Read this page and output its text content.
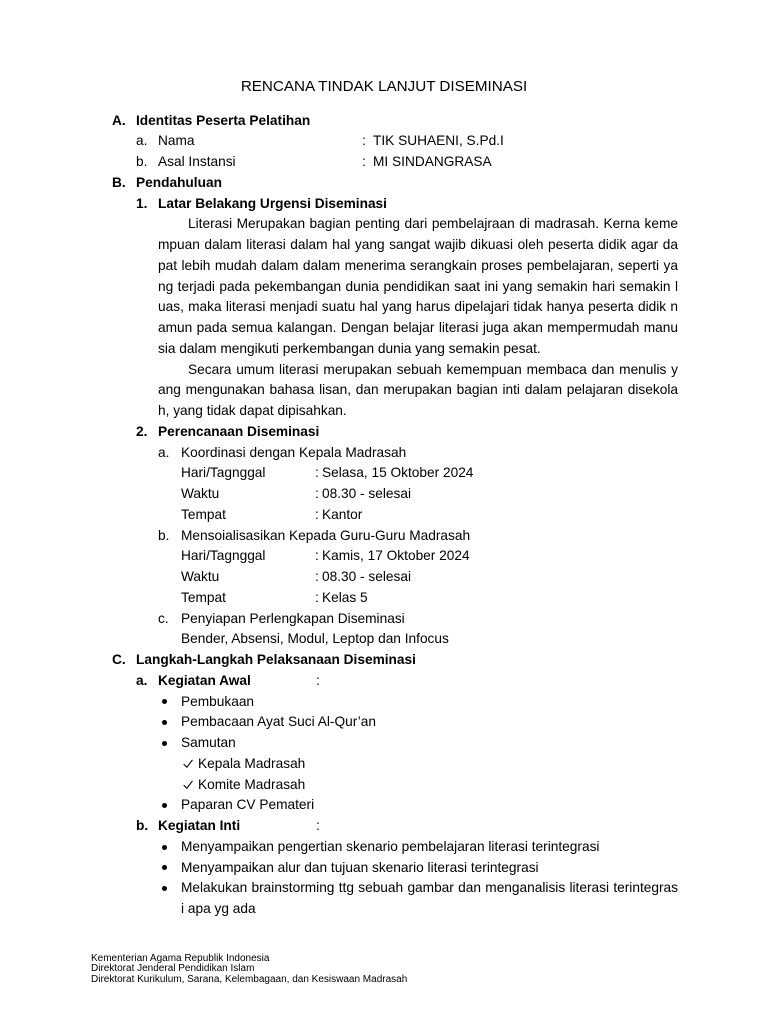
RENCANA TINDAK LANJUT DISEMINASI
A. Identitas Peserta Pelatihan
a. Nama	: TIK SUHAENI, S.Pd.I
b. Asal Instansi	: MI SINDANGRASA
B. Pendahuluan
1. Latar Belakang Urgensi Diseminasi
Literasi Merupakan bagian penting dari pembelajraan di madrasah. Kerna keme
mpuan dalam literasi dalam hal yang sangat wajib dikuasi oleh peserta didik agar da
pat lebih mudah dalam dalam menerima serangkain proses pembelajaran, seperti ya
ng terjadi pada pekembangan dunia pendidikan saat ini yang semakin hari semakin l
uas, maka literasi menjadi suatu hal yang harus dipelajari tidak hanya peserta didik n
amun pada semua kalangan. Dengan belajar literasi juga akan mempermudah manu
sia dalam mengikuti perkembangan dunia yang semakin pesat.
Secara umum literasi merupakan sebuah kemempuan membaca dan menulis y
ang mengunakan bahasa lisan, dan merupakan bagian inti dalam pelajaran disekola
h, yang tidak dapat dipisahkan.
2. Perencanaan Diseminasi
a. Koordinasi dengan Kepala Madrasah
Hari/Tagnggal	: Selasa, 15 Oktober 2024
Waktu	: 08.30 - selesai
Tempat	: Kantor
b. Mensoialisasikan Kepada Guru-Guru Madrasah
Hari/Tagnggal	: Kamis, 17 Oktober 2024
Waktu	: 08.30 - selesai
Tempat	: Kelas 5
c. Penyiapan Perlengkapan Diseminasi
Bender, Absensi, Modul, Leptop dan Infocus
C. Langkah-Langkah Pelaksanaan Diseminasi
a. Kegiatan Awal	:
Pembukaan
Pembacaan Ayat Suci Al-Qur’an
Samutan
Kepala Madrasah
Komite Madrasah
Paparan CV Pemateri
b. Kegiatan Inti	:
Menyampaikan pengertian skenario pembelajaran literasi terintegrasi
Menyampaikan alur dan tujuan skenario literasi terintegrasi
Melakukan brainstorming ttg sebuah gambar dan menganalisis literasi terintegras
i apa yg ada
Kementerian Agama Republik Indonesia
Direktorat Jenderal Pendidikan Islam
Direktorat Kurikulum, Sarana, Kelembagaan, dan Kesiswaan Madrasah
